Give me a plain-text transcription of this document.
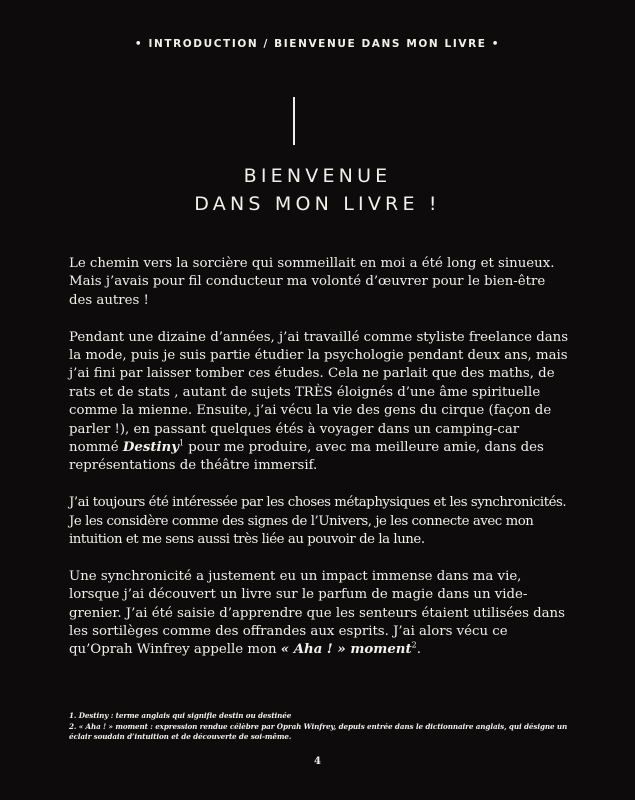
• INTRODUCTION / BIENVENUE DANS MON LIVRE •
BIENVENUE
DANS MON LIVRE !

Le chemin vers la sorcière qui sommeillait en moi a été long et sinueux. Mais j’avais pour fil conducteur ma volonté d’œuvrer pour le bien-être des autres !

Pendant une dizaine d’années, j’ai travaillé comme styliste freelance dans la mode, puis je suis partie étudier la psychologie pendant deux ans, mais j’ai fini par laisser tomber ces études. Cela ne parlait que des maths, de rats et de stats , autant de sujets TRÈS éloignés d’une âme spirituelle comme la mienne. Ensuite, j’ai vécu la vie des gens du cirque (façon de parler !), en passant quelques étés à voyager dans un camping-car nommé Destiny$^1$ pour me produire, avec ma meilleure amie, dans des représentations de théâtre immersif.

J’ai toujours été intéressée par les choses métaphysiques et les synchronicités. Je les considère comme des signes de l’Univers, je les connecte avec mon intuition et me sens aussi très liée au pouvoir de la lune.

Une synchronicité a justement eu un impact immense dans ma vie, lorsque j’ai découvert un livre sur le parfum de magie dans un vide-grenier. J’ai été saisie d’apprendre que les senteurs étaient utilisées dans les sortilèges comme des offrandes aux esprits. J’ai alors vécu ce qu’Oprah Winfrey appelle mon « Aha ! » moment$^2$.

1. Destiny : terme anglais qui signifie destin ou destinée
2. « Aha ! » moment : expression rendue célèbre par Oprah Winfrey, depuis entrée dans le dictionnaire anglais, qui désigne un éclair soudain d’intuition et de découverte de soi-même.
4
